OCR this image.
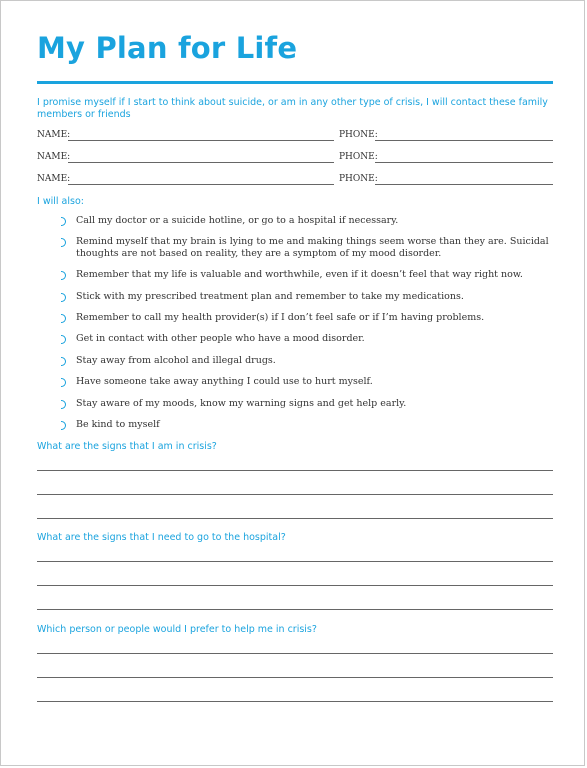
My Plan for Life
I promise myself if I start to think about suicide, or am in any other type of crisis, I will contact these family members or friends
NAME:	PHONE:
NAME:	PHONE:
NAME:	PHONE:
I will also:
Call my doctor or a suicide hotline, or go to a hospital if necessary.
Remind myself that my brain is lying to me and making things seem worse than they are. Suicidal thoughts are not based on reality, they are a symptom of my mood disorder.
Remember that my life is valuable and worthwhile, even if it doesn’t feel that way right now.
Stick with my prescribed treatment plan and remember to take my medications.
Remember to call my health provider(s) if I don’t feel safe or if I’m having problems.
Get in contact with other people who have a mood disorder.
Stay away from alcohol and illegal drugs.
Have someone take away anything I could use to hurt myself.
Stay aware of my moods, know my warning signs and get help early.
Be kind to myself
What are the signs that I am in crisis?
What are the signs that I need to go to the hospital?
Which person or people would I prefer to help me in crisis?
